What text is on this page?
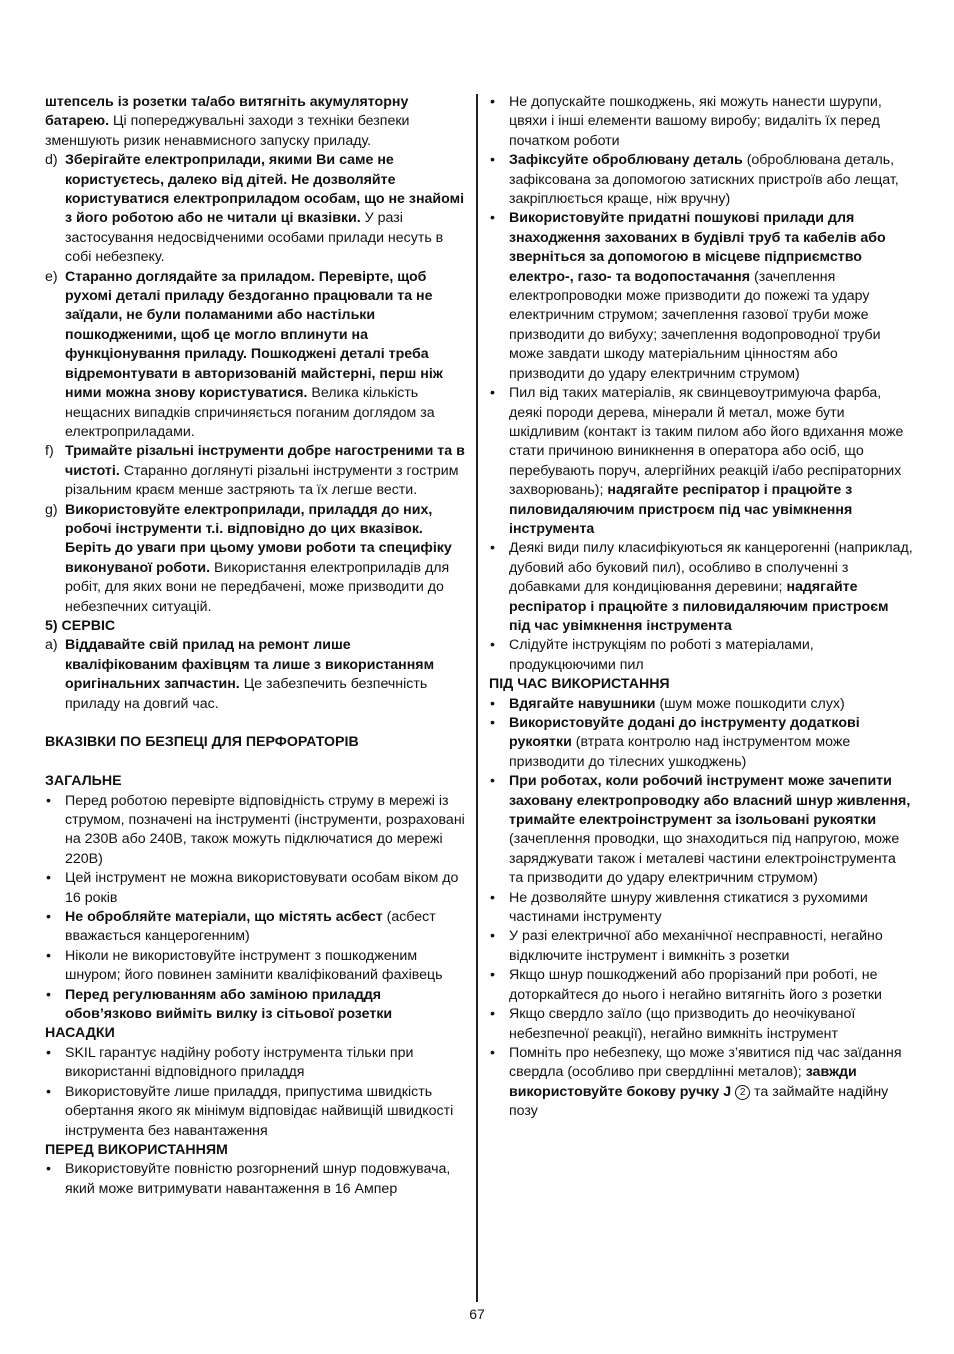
штепсель із розетки та/або витягніть акумуляторну батарею. Ці попереджувальні заходи з техніки безпеки зменшують ризик ненавмисного запуску приладу.

d) Зберігайте електроприлади, якими Ви саме не користуєтесь, далеко від дітей. Не дозволяйте користуватися електроприладом особам, що не знайомі з його роботою або не читали ці вказівки. У разі застосування недосвідченими особами прилади несуть в собі небезпеку.

e) Старанно доглядайте за приладом. Перевірте, щоб рухомі деталі приладу бездоганно працювали та не заїдали, не були поламаними або настільки пошкодженими, щоб це могло вплинути на функціонування приладу. Пошкоджені деталі треба відремонтувати в авторизованій майстерні, перш ніж ними можна знову користуватися. Велика кількість нещасних випадків спричиняється поганим доглядом за електроприладами.

f) Тримайте різальні інструменти добре нагостреними та в чистоті. Старанно доглянуті різальні інструменти з гострим різальним краєм менше застряють та їх легше вести.

g) Використовуйте електроприлади, приладдя до них, робочі інструменти т.і. відповідно до цих вказівок. Беріть до уваги при цьому умови роботи та специфіку виконуваної роботи. Використання електроприладів для робіт, для яких вони не передбачені, може призводити до небезпечних ситуацій.

5) СЕРВІС

a) Віддавайте свій прилад на ремонт лише кваліфікованим фахівцям та лише з використанням оригінальних запчастин. Це забезпечить безпечність приладу на довгий час.

ВКАЗІВКИ ПО БЕЗПЕЦІ ДЛЯ ПЕРФОРАТОРІВ

ЗАГАЛЬНЕ

• Перед роботою перевірте відповідність струму в мережі із струмом, позначені на інструменті (інструменти, розраховані на 230В або 240В, також можуть підключатися до мережі 220В)

• Цей інструмент не можна використовувати особам віком до 16 років

• Не обробляйте матеріали, що містять асбест (асбест вважається канцерогенним)

• Ніколи не використовуйте інструмент з пошкодженим шнуром; його повинен замінити кваліфікований фахівець

• Перед регулюванням або заміною приладдя обов’язково вийміть вилку із сітьової розетки

НАСАДКИ

• SKIL гарантує надійну роботу інструмента тільки при використанні відповідного приладдя

• Використовуйте лише приладдя, припустима швидкість обертання якого як мінімум відповідає найвищій швидкості інструмента без навантаження

ПЕРЕД ВИКОРИСТАННЯМ

• Використовуйте повністю розгорнений шнур подовжувача, який може витримувати навантаження в 16 Ампер

• Не допускайте пошкоджень, які можуть нанести шурупи, цвяхи і інші елементи вашому виробу; видаліть їх перед початком роботи

• Зафіксуйте оброблювану деталь (оброблювана деталь, зафіксована за допомогою затискних пристроїв або лещат, закріплюється краще, ніж вручну)

• Використовуйте придатні пошукові прилади для знаходження захованих в будівлі труб та кабелів або зверніться за допомогою в місцеве підприємство електро-, газо- та водопостачання (зачеплення електропроводки може призводити до пожежі та удару електричним струмом; зачеплення газової труби може призводити до вибуху; зачеплення водопроводної труби може завдати шкоду матеріальним цінностям або призводити до удару електричним струмом)

• Пил від таких матеріалів, як свинцевоутримуюча фарба, деякі породи дерева, мінерали й метал, може бути шкідливим (контакт із таким пилом або його вдихання може стати причиною виникнення в оператора або осіб, що перебувають поруч, алергійних реакцій і/або респіраторних захворювань); надягайте респіратор і працюйте з пиловидаляючим пристроєм під час увімкнення інструмента

• Деякі види пилу класифікуються як канцерогенні (наприклад, дубовий або буковий пил), особливо в сполученні з добавками для кондиціювання деревини; надягайте респіратор і працюйте з пиловидаляючим пристроєм під час увімкнення інструмента

• Слідуйте інструкціям по роботі з матеріалами, продукцюючими пил

ПІД ЧАС ВИКОРИСТАННЯ

• Вдягайте навушники (шум може пошкодити слух)

• Використовуйте додані до інструменту додаткові рукоятки (втрата контролю над інструментом може призводити до тілесних ушкоджень)

• При роботах, коли робочий інструмент може зачепити заховану електропроводку або власний шнур живлення, тримайте електроінструмент за ізольовані рукоятки (зачеплення проводки, що знаходиться під напругою, може заряджувати також і металеві частини електроінструмента та призводити до удару електричним струмом)

• Не дозволяйте шнуру живлення стикатися з рухомими частинами інструменту

• У разі електричної або механічної несправності, негайно відключите інструмент і вимкніть з розетки

• Якщо шнур пошкоджений або прорізаний при роботі, не доторкайтеся до нього і негайно витягніть його з розетки

• Якщо свердло заїло (що призводить до неочікуваної небезпечної реакції), негайно вимкніть інструмент

• Помніть про небезпеку, що може з’явитися під час заїдання свердла (особливо при свердлінні металов); завжди використовуйте бокову ручку J 2 та займайте надійну позу

67
